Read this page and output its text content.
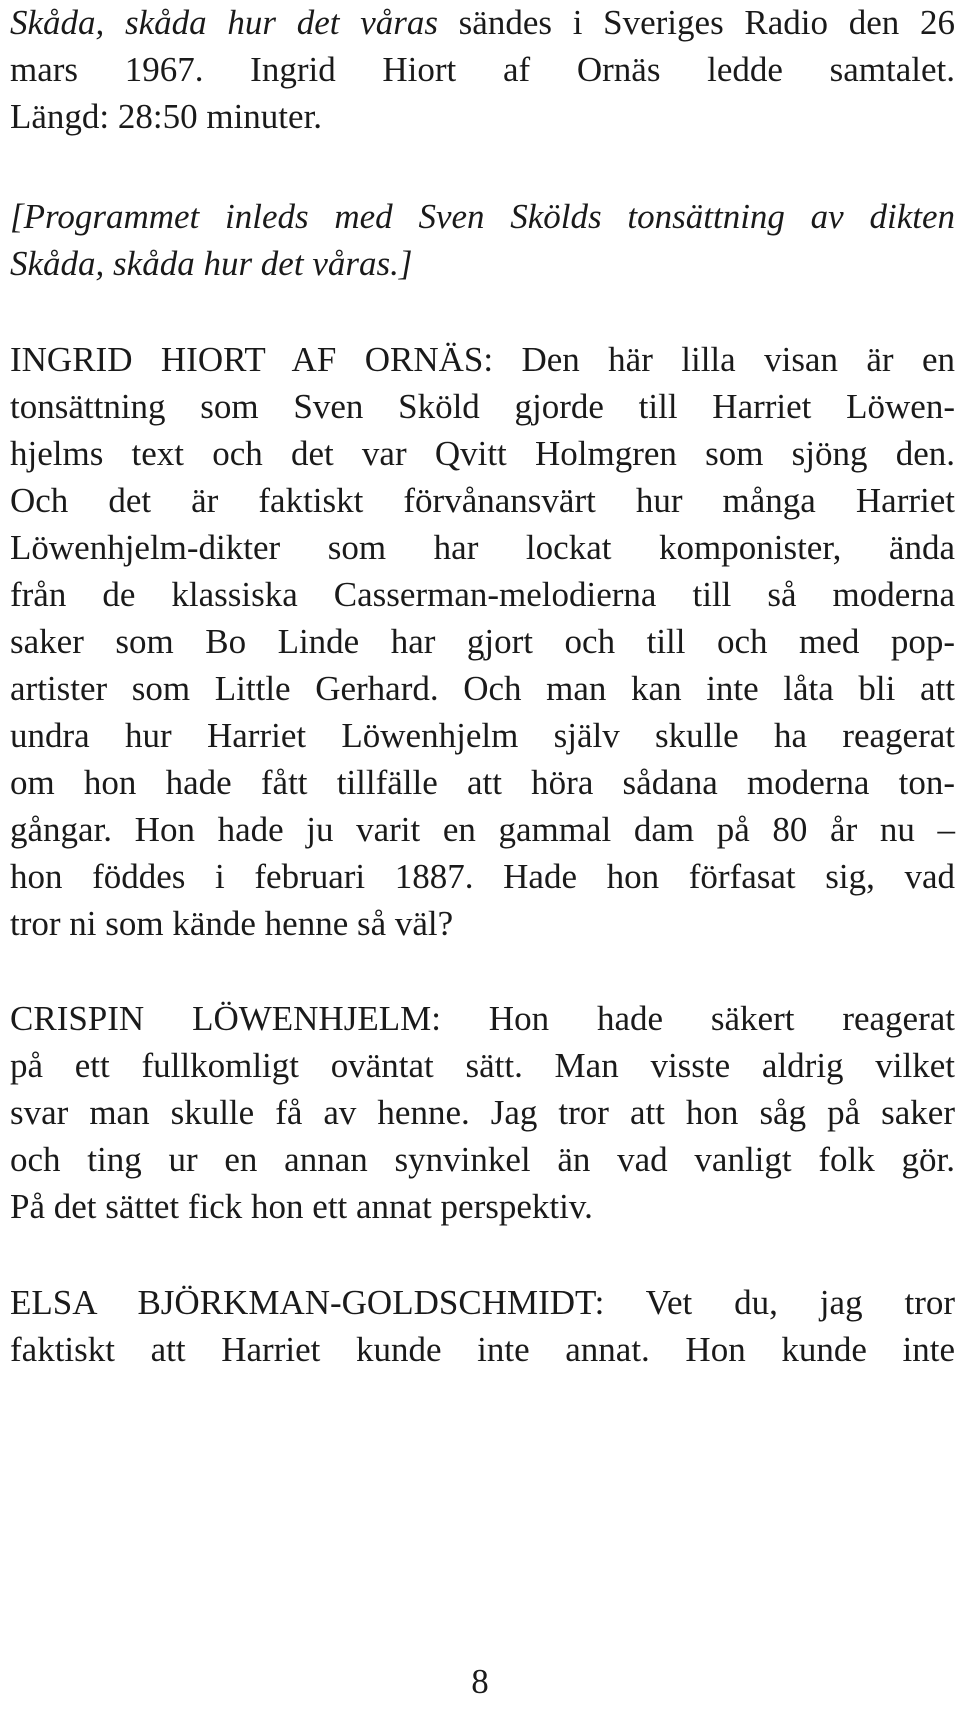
Skåda, skåda hur det våras sändes i Sveriges Radio den 26
mars 1967. Ingrid Hiort af Ornäs ledde samtalet.
Längd: 28:50 minuter.
[Programmet inleds med Sven Skölds tonsättning av dikten
Skåda, skåda hur det våras.]
INGRID HIORT AF ORNÄS: Den här lilla visan är en
tonsättning som Sven Sköld gjorde till Harriet Löwen-
hjelms text och det var Qvitt Holmgren som sjöng den.
Och det är faktiskt förvånansvärt hur många Harriet
Löwenhjelm-dikter som har lockat komponister, ända
från de klassiska Casserman-melodierna till så moderna
saker som Bo Linde har gjort och till och med pop-
artister som Little Gerhard. Och man kan inte låta bli att
undra hur Harriet Löwenhjelm själv skulle ha reagerat
om hon hade fått tillfälle att höra sådana moderna ton-
gångar. Hon hade ju varit en gammal dam på 80 år nu –
hon föddes i februari 1887. Hade hon förfasat sig, vad
tror ni som kände henne så väl?
CRISPIN LÖWENHJELM: Hon hade säkert reagerat
på ett fullkomligt oväntat sätt. Man visste aldrig vilket
svar man skulle få av henne. Jag tror att hon såg på saker
och ting ur en annan synvinkel än vad vanligt folk gör.
På det sättet fick hon ett annat perspektiv.
ELSA BJÖRKMAN-GOLDSCHMIDT: Vet du, jag tror
faktiskt att Harriet kunde inte annat. Hon kunde inte
8
